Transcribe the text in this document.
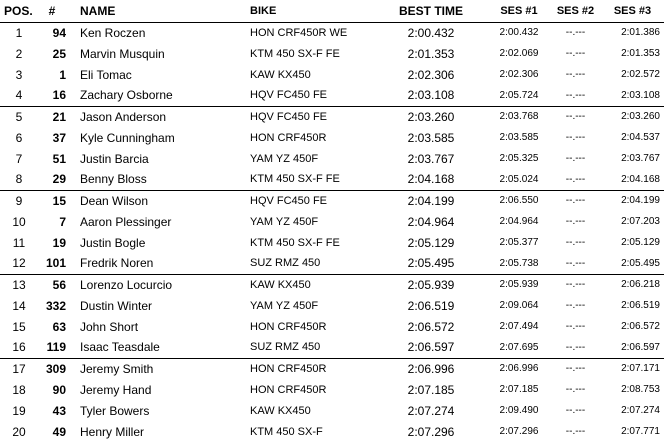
POS.	#	NAME	BIKE	BEST TIME	SES #1	SES #2	SES #3
1	94	Ken Roczen	HON CRF450R WE	2:00.432	2:00.432	--.---	2:01.386
2	25	Marvin Musquin	KTM 450 SX-F FE	2:01.353	2:02.069	--.---	2:01.353
3	1	Eli Tomac	KAW KX450	2:02.306	2:02.306	--.---	2:02.572
4	16	Zachary Osborne	HQV FC450 FE	2:03.108	2:05.724	--.---	2:03.108
5	21	Jason Anderson	HQV FC450 FE	2:03.260	2:03.768	--.---	2:03.260
6	37	Kyle Cunningham	HON CRF450R	2:03.585	2:03.585	--.---	2:04.537
7	51	Justin Barcia	YAM YZ 450F	2:03.767	2:05.325	--.---	2:03.767
8	29	Benny Bloss	KTM 450 SX-F FE	2:04.168	2:05.024	--.---	2:04.168
9	15	Dean Wilson	HQV FC450 FE	2:04.199	2:06.550	--.---	2:04.199
10	7	Aaron Plessinger	YAM YZ 450F	2:04.964	2:04.964	--.---	2:07.203
11	19	Justin Bogle	KTM 450 SX-F FE	2:05.129	2:05.377	--.---	2:05.129
12	101	Fredrik Noren	SUZ RMZ 450	2:05.495	2:05.738	--.---	2:05.495
13	56	Lorenzo Locurcio	KAW KX450	2:05.939	2:05.939	--.---	2:06.218
14	332	Dustin Winter	YAM YZ 450F	2:06.519	2:09.064	--.---	2:06.519
15	63	John Short	HON CRF450R	2:06.572	2:07.494	--.---	2:06.572
16	119	Isaac Teasdale	SUZ RMZ 450	2:06.597	2:07.695	--.---	2:06.597
17	309	Jeremy Smith	HON CRF450R	2:06.996	2:06.996	--.---	2:07.171
18	90	Jeremy Hand	HON CRF450R	2:07.185	2:07.185	--.---	2:08.753
19	43	Tyler Bowers	KAW KX450	2:07.274	2:09.490	--.---	2:07.274
20	49	Henry Miller	KTM 450 SX-F	2:07.296	2:07.296	--.---	2:07.771
